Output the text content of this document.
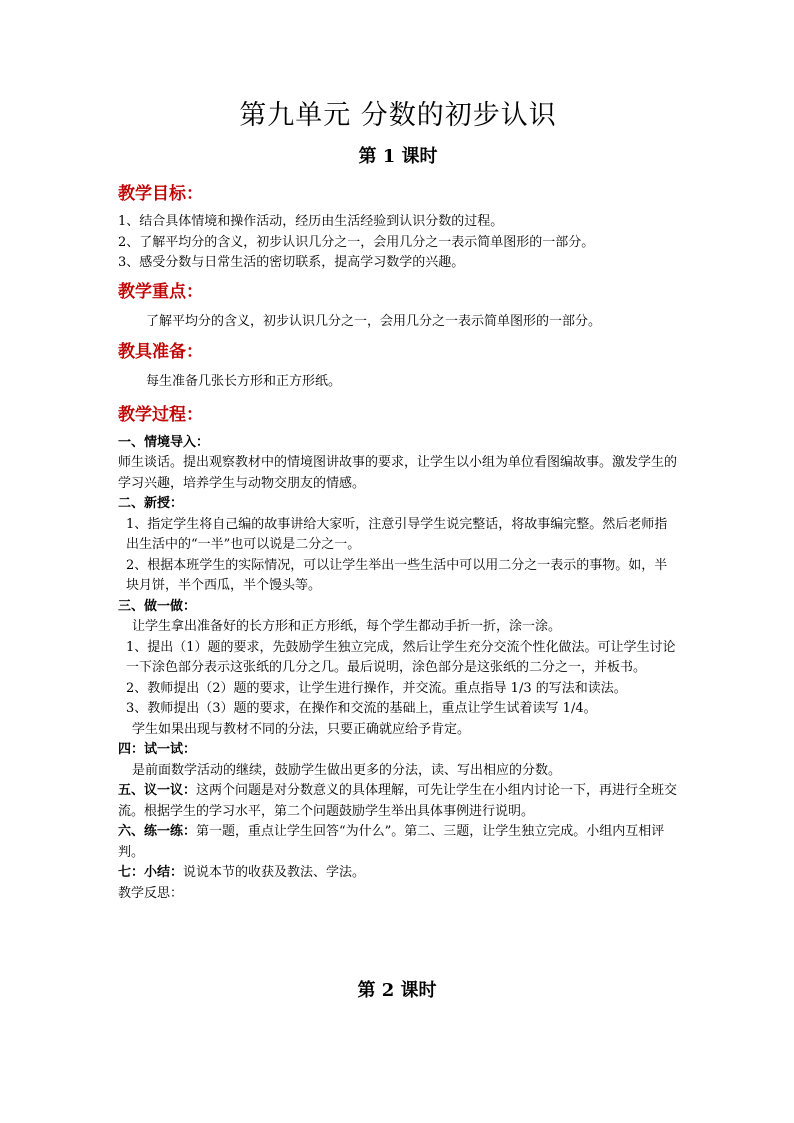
第九单元 分数的初步认识
第 1 课时
教学目标：

1、结合具体情境和操作活动，经历由生活经验到认识分数的过程。

2、了解平均分的含义，初步认识几分之一，会用几分之一表示简单图形的一部分。

3、感受分数与日常生活的密切联系，提高学习数学的兴趣。

教学重点：

了解平均分的含义，初步认识几分之一，会用几分之一表示简单图形的一部分。

教具准备：

每生准备几张长方形和正方形纸。

教学过程：

一、情境导入：

师生谈话。提出观察教材中的情境图讲故事的要求，让学生以小组为单位看图编故事。激发学生的学习兴趣，培养学生与动物交朋友的情感。

二、新授：

1、指定学生将自己编的故事讲给大家听，注意引导学生说完整话，将故事编完整。然后老师指出生活中的“一半”也可以说是二分之一。

2、根据本班学生的实际情况，可以让学生举出一些生活中可以用二分之一表示的事物。如，半块月饼，半个西瓜，半个馒头等。

三、做一做：

让学生拿出准备好的长方形和正方形纸，每个学生都动手折一折，涂一涂。

1、提出（1）题的要求，先鼓励学生独立完成，然后让学生充分交流个性化做法。可让学生讨论一下涂色部分表示这张纸的几分之几。最后说明，涂色部分是这张纸的二分之一，并板书。

2、教师提出（2）题的要求，让学生进行操作，并交流。重点指导 1/3 的写法和读法。

3、教师提出（3）题的要求，在操作和交流的基础上，重点让学生试着读写 1/4。

学生如果出现与教材不同的分法，只要正确就应给予肯定。

四：试一试：

是前面数学活动的继续，鼓励学生做出更多的分法，读、写出相应的分数。

五、议一议：这两个问题是对分数意义的具体理解，可先让学生在小组内讨论一下，再进行全班交流。根据学生的学习水平，第二个问题鼓励学生举出具体事例进行说明。

六、练一练：第一题，重点让学生回答“为什么”。第二、三题，让学生独立完成。小组内互相评判。

七：小结：说说本节的收获及教法、学法。

教学反思：

第 2 课时
